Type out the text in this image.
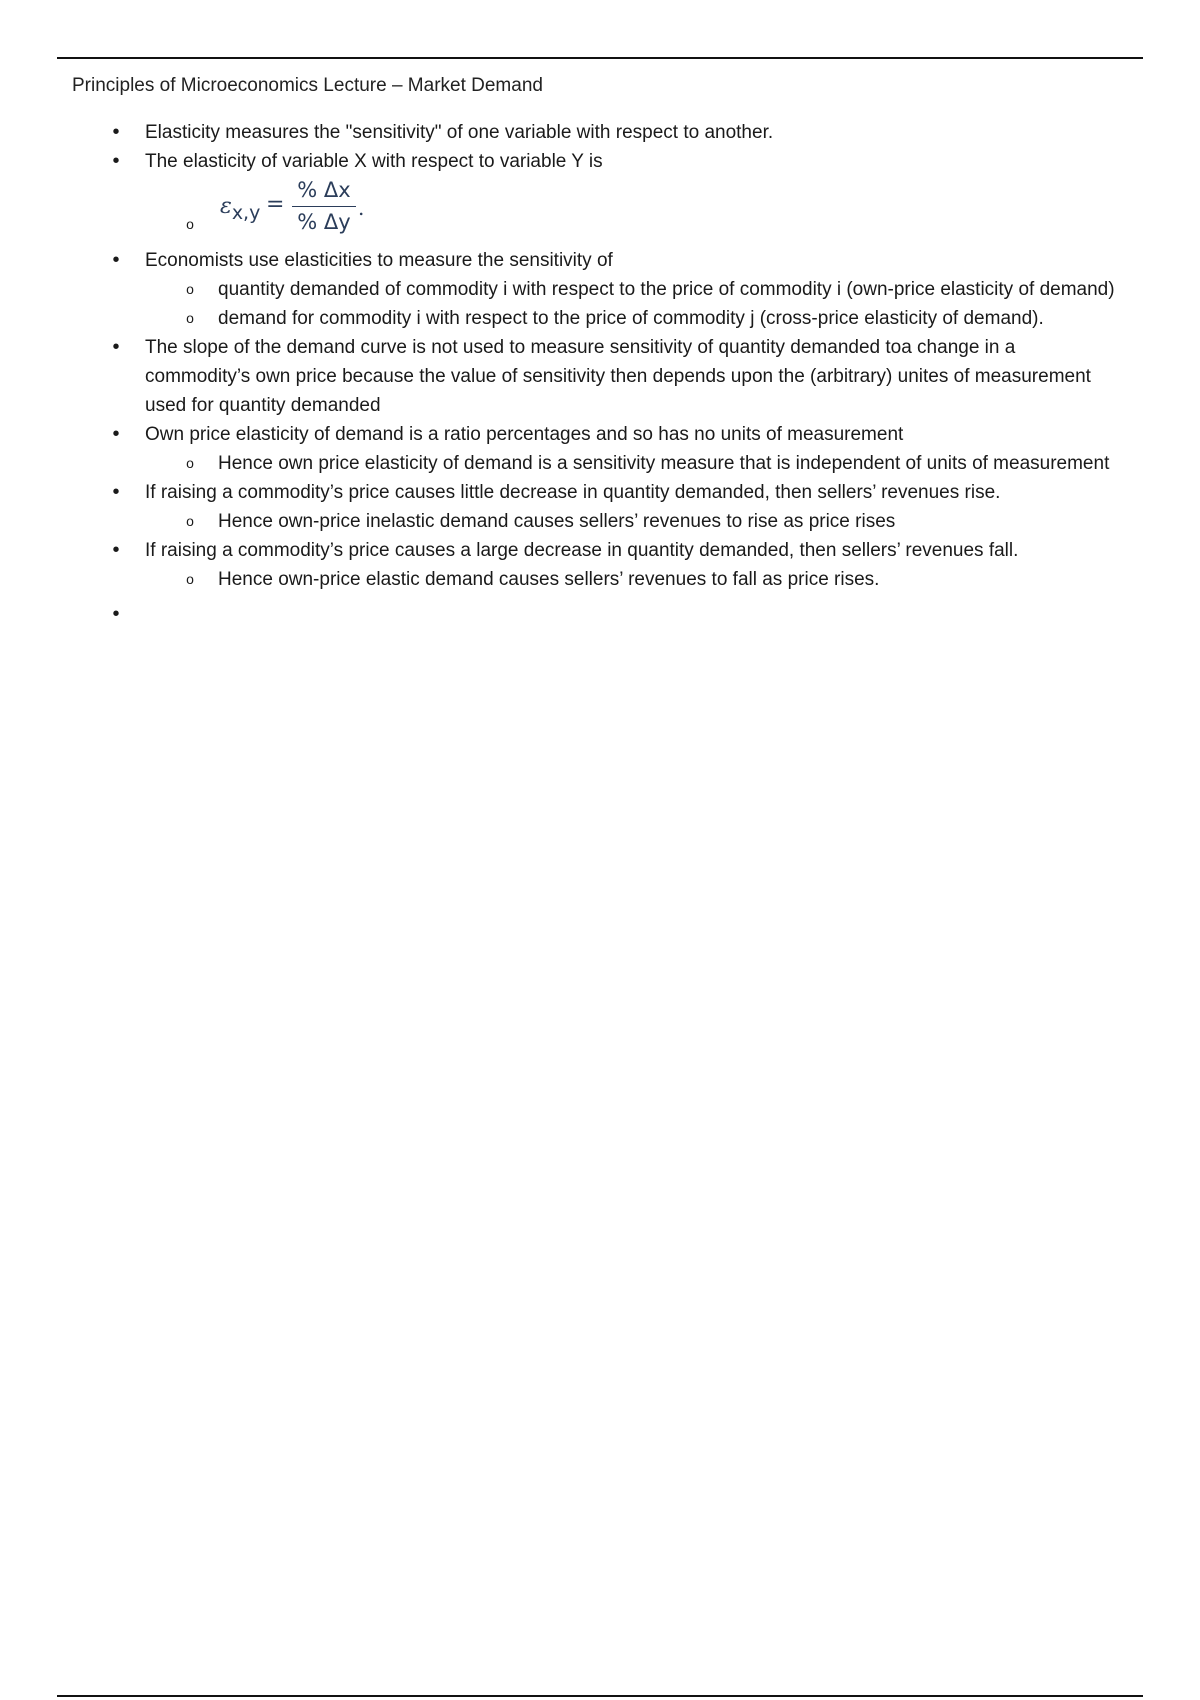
Principles of Microeconomics Lecture – Market Demand
• Elasticity measures the "sensitivity" of one variable with respect to another.
• The elasticity of variable X with respect to variable Y is
o
$\varepsilon_{x,y} = \frac{\% \Delta x}{\% \Delta y}$ .
• Economists use elasticities to measure the sensitivity of
o quantity demanded of commodity i with respect to the price of commodity i (own-price elasticity of demand)
o demand for commodity i with respect to the price of commodity j (cross-price elasticity of demand).
• The slope of the demand curve is not used to measure sensitivity of quantity demanded toa change in a commodity’s own price because the value of sensitivity then depends upon the (arbitrary) unites of measurement used for quantity demanded
• Own price elasticity of demand is a ratio percentages and so has no units of measurement
o Hence own price elasticity of demand is a sensitivity measure that is independent of units of measurement
• If raising a commodity’s price causes little decrease in quantity demanded, then sellers’ revenues rise.
o Hence own-price inelastic demand causes sellers’ revenues to rise as price rises
• If raising a commodity’s price causes a large decrease in quantity demanded, then sellers’ revenues fall.
o Hence own-price elastic demand causes sellers’ revenues to fall as price rises.
•
